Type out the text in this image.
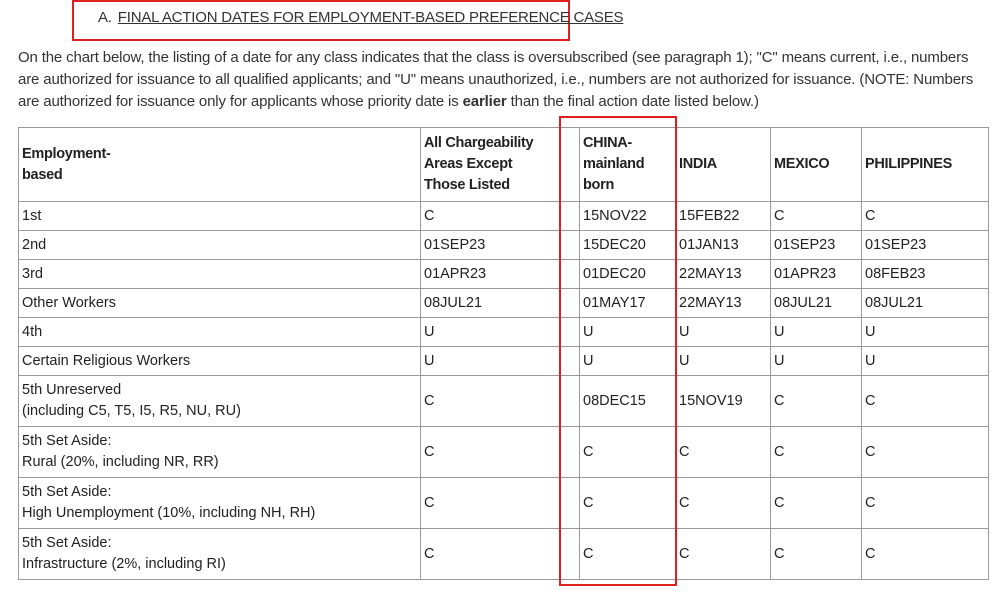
A. FINAL ACTION DATES FOR EMPLOYMENT-BASED PREFERENCE CASES
On the chart below, the listing of a date for any class indicates that the class is oversubscribed (see paragraph 1); "C" means current, i.e., numbers are authorized for issuance to all qualified applicants; and "U" means unauthorized, i.e., numbers are not authorized for issuance. (NOTE: Numbers are authorized for issuance only for applicants whose priority date is earlier than the final action date listed below.)
Employment-
based	All Chargeability
Areas Except
Those Listed	CHINA-
mainland
born	INDIA	MEXICO	PHILIPPINES
1st	C	15NOV22	15FEB22	C	C
2nd	01SEP23	15DEC20	01JAN13	01SEP23	01SEP23
3rd	01APR23	01DEC20	22MAY13	01APR23	08FEB23
Other Workers	08JUL21	01MAY17	22MAY13	08JUL21	08JUL21
4th	U	U	U	U	U
Certain Religious Workers	U	U	U	U	U
5th Unreserved
(including C5, T5, I5, R5, NU, RU)	C	08DEC15	15NOV19	C	C
5th Set Aside:
Rural (20%, including NR, RR)	C	C	C	C	C
5th Set Aside:
High Unemployment (10%, including NH, RH)	C	C	C	C	C
5th Set Aside:
Infrastructure (2%, including RI)	C	C	C	C	C
